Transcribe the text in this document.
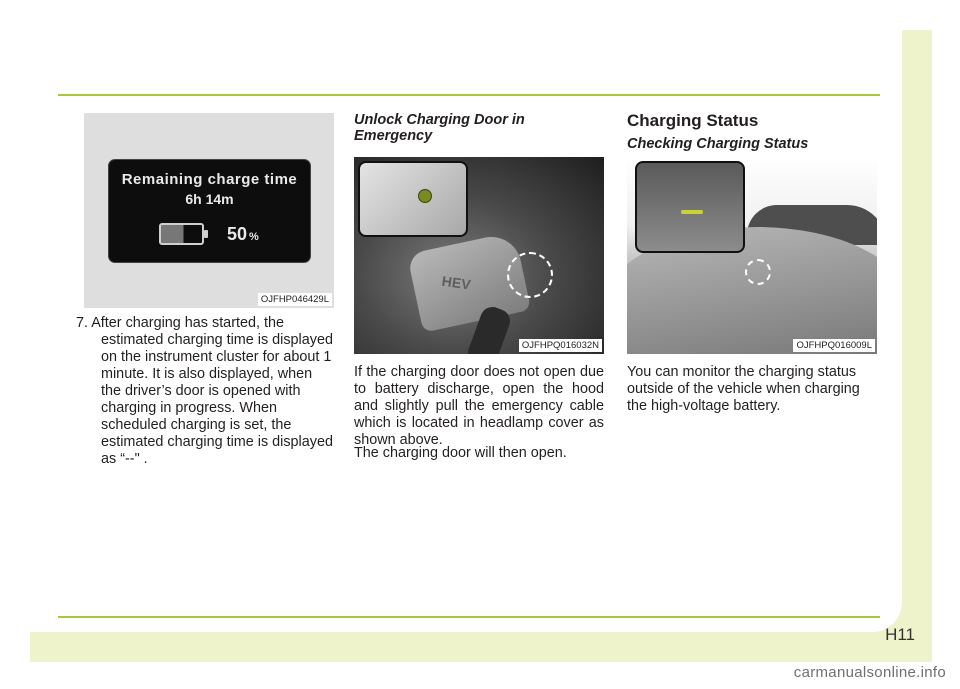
Remaining charge time
6h 14m
50 %
OJFHP046429L

7. After charging has started, the estimated charging time is displayed on the instrument cluster for about 1 minute. It is also displayed, when the driver’s door is opened with charging in progress. When scheduled charging is set, the estimated charging time is displayed as “--" .

Unlock Charging Door in Emergency
HEV
OJFHPQ016032N

If the charging door does not open due to battery discharge, open the hood and slightly pull the emergency cable which is located in headlamp cover as shown above.

The charging door will then open.

Charging Status
Checking Charging Status
OJFHPQ016009L

You can monitor the charging status outside of the vehicle when charging the high-voltage battery.

H11
carmanualsonline.info
